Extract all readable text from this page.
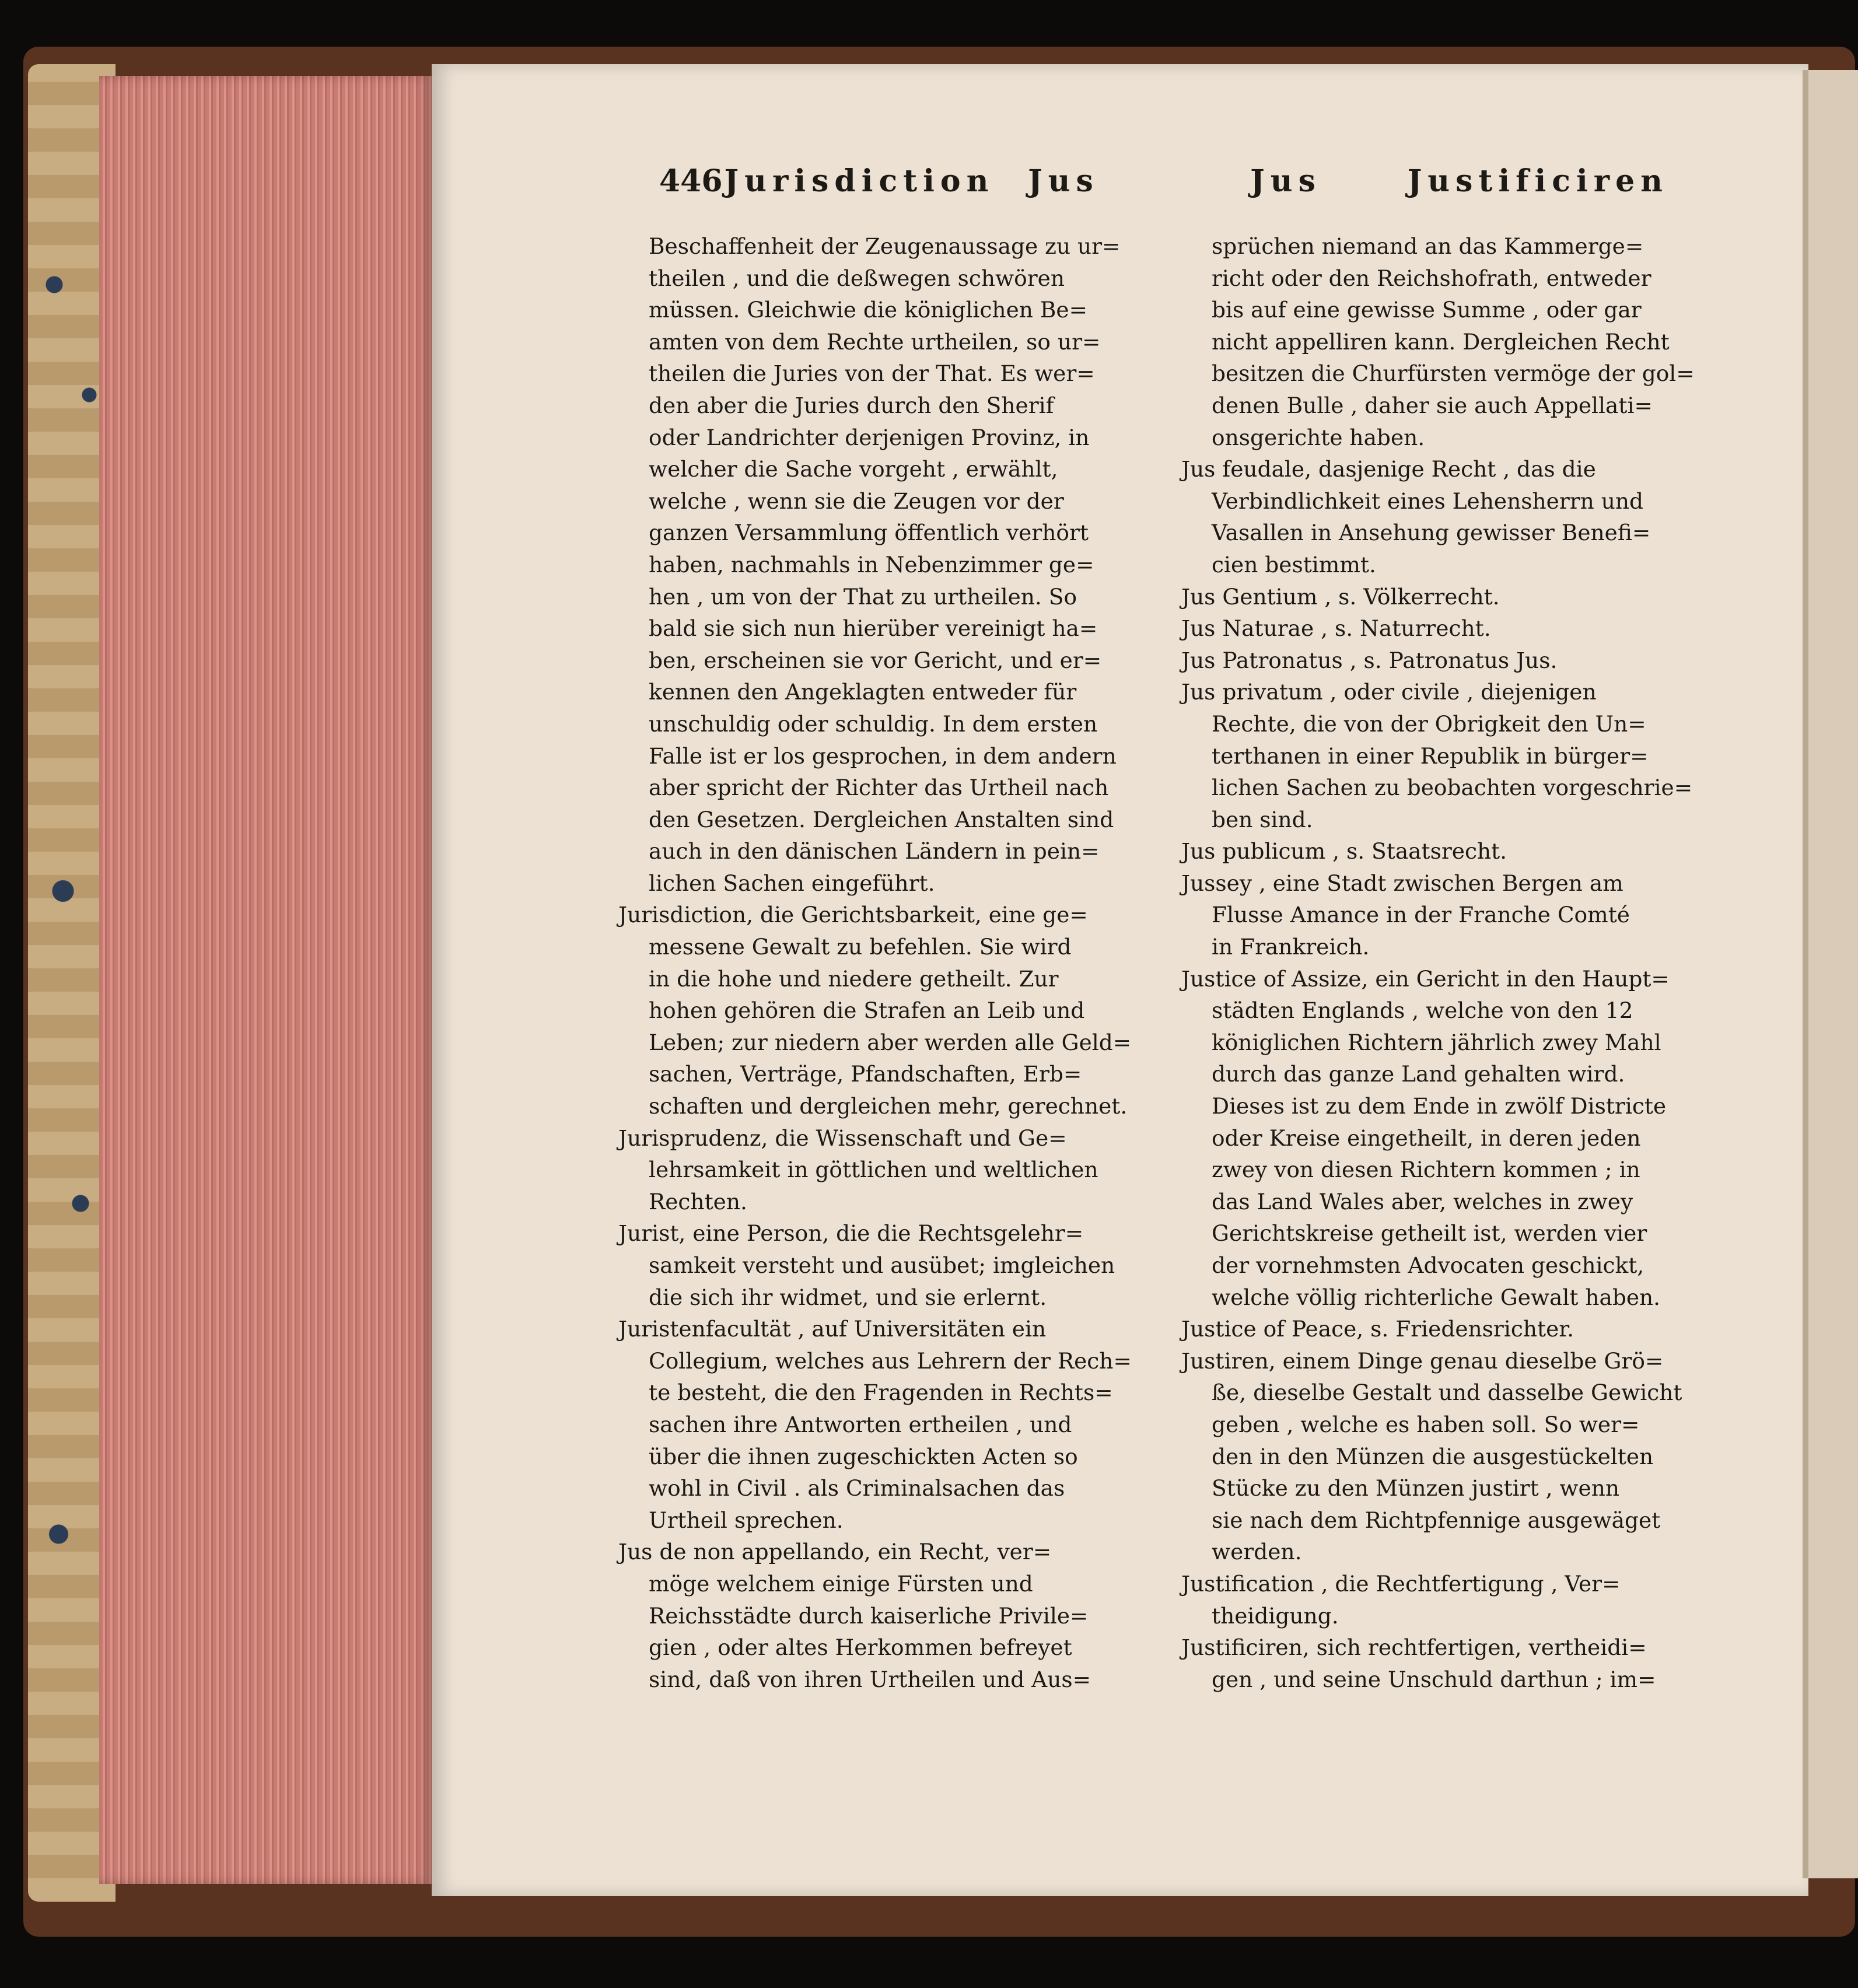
446 Jurisdiction	Jus	Jus	Justificiren
Beschaffenheit der Zeugenaussage zu ur=
theilen , und die deßwegen schwören
müssen. Gleichwie die königlichen Be=
amten von dem Rechte urtheilen, so ur=
theilen die Juries von der That. Es wer=
den aber die Juries durch den Sherif
oder Landrichter derjenigen Provinz, in
welcher die Sache vorgeht , erwählt,
welche , wenn sie die Zeugen vor der
ganzen Versammlung öffentlich verhört
haben, nachmahls in Nebenzimmer ge=
hen , um von der That zu urtheilen. So
bald sie sich nun hierüber vereinigt ha=
ben, erscheinen sie vor Gericht, und er=
kennen den Angeklagten entweder für
unschuldig oder schuldig. In dem ersten
Falle ist er los gesprochen, in dem andern
aber spricht der Richter das Urtheil nach
den Gesetzen. Dergleichen Anstalten sind
auch in den dänischen Ländern in pein=
lichen Sachen eingeführt.
Jurisdiction, die Gerichtsbarkeit, eine ge=
messene Gewalt zu befehlen. Sie wird
in die hohe und niedere getheilt. Zur
hohen gehören die Strafen an Leib und
Leben; zur niedern aber werden alle Geld=
sachen, Verträge, Pfandschaften, Erb=
schaften und dergleichen mehr, gerechnet.
Jurisprudenz, die Wissenschaft und Ge=
lehrsamkeit in göttlichen und weltlichen
Rechten.
Jurist, eine Person, die die Rechtsgelehr=
samkeit versteht und ausübet; imgleichen
die sich ihr widmet, und sie erlernt.
Juristenfacultät , auf Universitäten ein
Collegium, welches aus Lehrern der Rech=
te besteht, die den Fragenden in Rechts=
sachen ihre Antworten ertheilen , und
über die ihnen zugeschickten Acten so
wohl in Civil . als Criminalsachen das
Urtheil sprechen.
Jus de non appellando, ein Recht, ver=
möge welchem einige Fürsten und
Reichsstädte durch kaiserliche Privile=
gien , oder altes Herkommen befreyet
sind, daß von ihren Urtheilen und Aus=
sprüchen niemand an das Kammerge=
richt oder den Reichshofrath, entweder
bis auf eine gewisse Summe , oder gar
nicht appelliren kann. Dergleichen Recht
besitzen die Churfürsten vermöge der gol=
denen Bulle , daher sie auch Appellati=
onsgerichte haben.
Jus feudale, dasjenige Recht , das die
Verbindlichkeit eines Lehensherrn und
Vasallen in Ansehung gewisser Benefi=
cien bestimmt.
Jus Gentium , s. Völkerrecht.
Jus Naturae , s. Naturrecht.
Jus Patronatus , s. Patronatus Jus.
Jus privatum , oder civile , diejenigen
Rechte, die von der Obrigkeit den Un=
terthanen in einer Republik in bürger=
lichen Sachen zu beobachten vorgeschrie=
ben sind.
Jus publicum , s. Staatsrecht.
Jussey , eine Stadt zwischen Bergen am
Flusse Amance in der Franche Comté
in Frankreich.
Justice of Assize, ein Gericht in den Haupt=
städten Englands , welche von den 12
königlichen Richtern jährlich zwey Mahl
durch das ganze Land gehalten wird.
Dieses ist zu dem Ende in zwölf Districte
oder Kreise eingetheilt, in deren jeden
zwey von diesen Richtern kommen ; in
das Land Wales aber, welches in zwey
Gerichtskreise getheilt ist, werden vier
der vornehmsten Advocaten geschickt,
welche völlig richterliche Gewalt haben.
Justice of Peace, s. Friedensrichter.
Justiren, einem Dinge genau dieselbe Grö=
ße, dieselbe Gestalt und dasselbe Gewicht
geben , welche es haben soll. So wer=
den in den Münzen die ausgestückelten
Stücke zu den Münzen justirt , wenn
sie nach dem Richtpfennige ausgewäget
werden.
Justification , die Rechtfertigung , Ver=
theidigung.
Justificiren, sich rechtfertigen, vertheidi=
gen , und seine Unschuld darthun ; im=
